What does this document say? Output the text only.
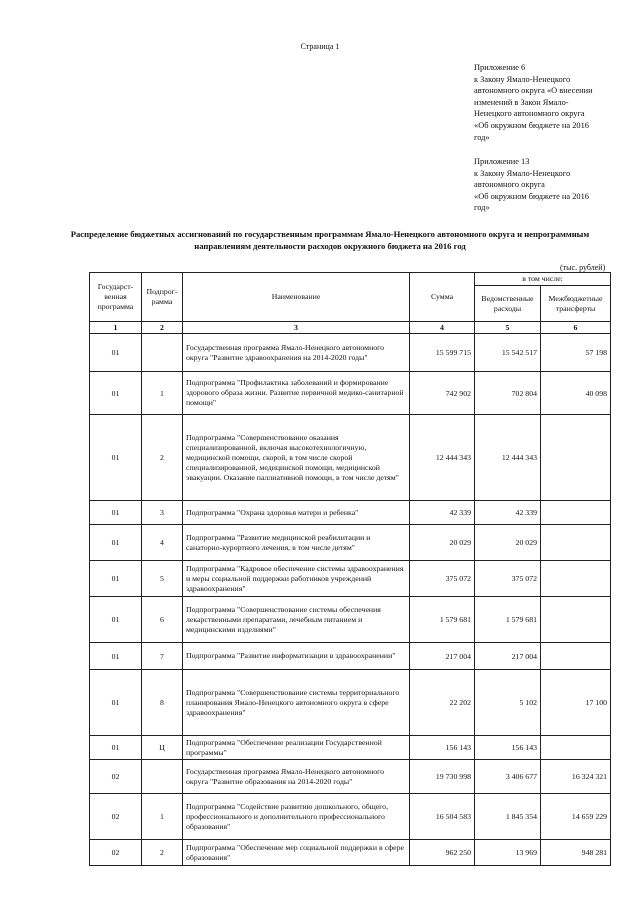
Страница 1
Приложение 6
к Закону Ямало-Ненецкого
автономного округа «О внесении
изменений в Закон Ямало-
Ненецкого автономного округа
«Об окружном бюджете на 2016
год»
Приложение 13
к Закону Ямало-Ненецкого
автономного округа
«Об окружном бюджете на 2016
год»
Распределение бюджетных ассигнований по государственным программам Ямало-Ненецкого автономного округа и непрограммным направлениям деятельности расходов окружного бюджета на 2016 год
(тыс. рублей)
Государст-венная программа	Подпрог-рамма	Наименование	Сумма	в том числе:	
				Ведомственные расходы	Межбюджетные трансферты
1	2	3	4	5	6
01		Государственная программа Ямало-Ненецкого автономного округа "Развитие здравоохранения на 2014-2020 годы"	15 599 715	15 542 517	57 198
01	1	Подпрограмма "Профилактика заболеваний и формирование здорового образа жизни. Развитие первичной медико-санитарной помощи"	742 902	702 804	40 098
01	2	Подпрограмма "Совершенствование оказания специализированной, включая высокотехнологичную, медицинской помощи, скорой, в том числе скорой специализированной, медицинской помощи, медицинской эвакуации. Оказание паллиативной помощи, в том числе детям"	12 444 343	12 444 343	
01	3	Подпрограмма "Охрана здоровья матери и ребенка"	42 339	42 339	
01	4	Подпрограмма "Развитие медицинской реабилитации и санаторно-курортного лечения, в том числе детям"	20 029	20 029	
01	5	Подпрограмма "Кадровое обеспечение системы здравоохранения и меры социальной поддержки работников учреждений здравоохранения"	375 072	375 072	
01	6	Подпрограмма "Совершенствование системы обеспечения лекарственными препаратами, лечебным питанием и медицинскими изделиями"	1 579 681	1 579 681	
01	7	Подпрограмма "Развитие информатизации в здравоохранении"	217 004	217 004	
01	8	Подпрограмма "Совершенствование системы территориального планирования Ямало-Ненецкого автономного округа в сфере здравоохранения"	22 202	5 102	17 100
01	Ц	Подпрограмма "Обеспечение реализации Государственной программы"	156 143	156 143	
02		Государственная программа Ямало-Ненецкого автономного округа "Развитие образования на 2014-2020 годы"	19 730 998	3 406 677	16 324 321
02	1	Подпрограмма "Содействие развитию дошкольного, общего, профессионального и дополнительного профессионального образования"	16 504 583	1 845 354	14 659 229
02	2	Подпрограмма "Обеспечение мер социальной поддержки в сфере образования"	962 250	13 969	948 281
